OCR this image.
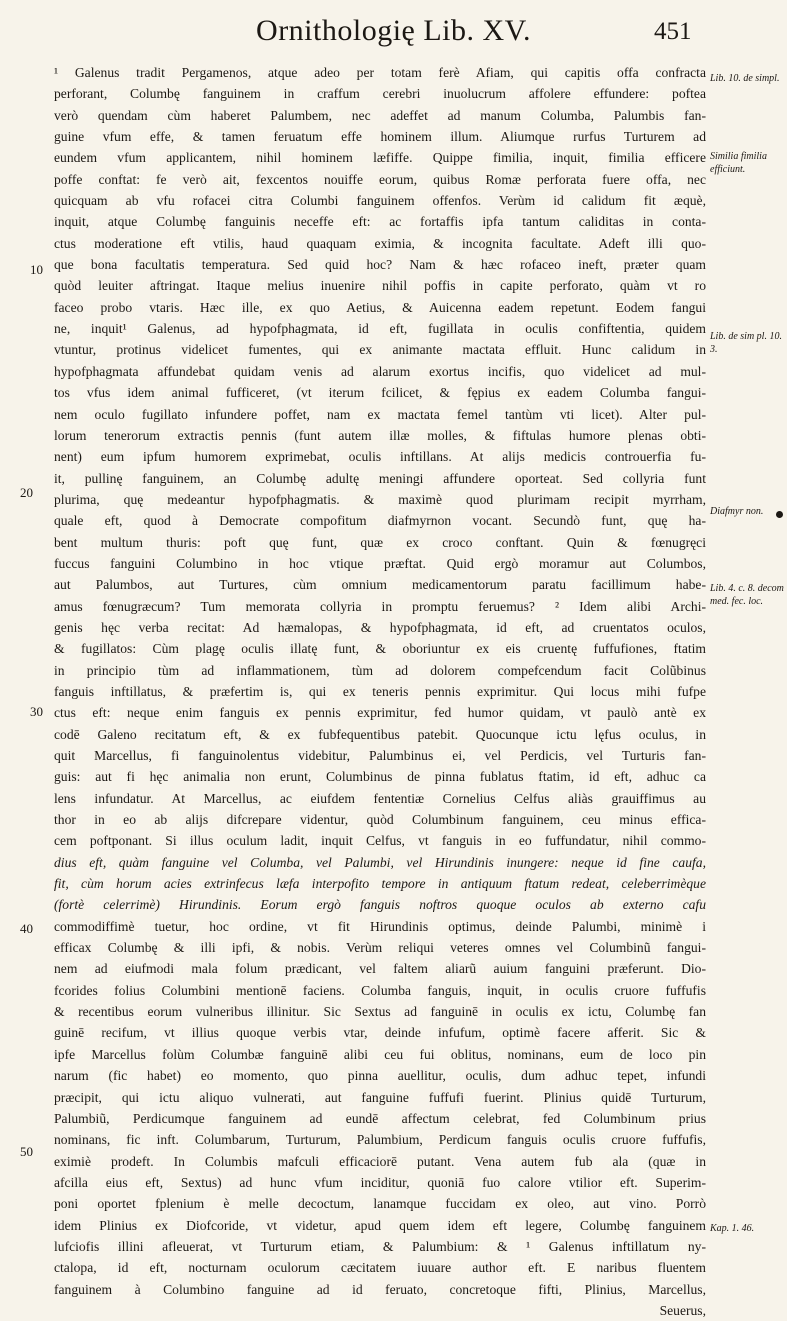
Ornithologię Lib. XV.	451
¹ Galenus tradit Pergamenos, atque adeo per totam ferè Afiam, qui capitis offa confracta
perforant, Columbę fanguinem in craffum cerebri inuolucrum affolere effundere: poftea
verò quendam cùm haberet Palumbem, nec adeffet ad manum Columba, Palumbis fan-
guine vfum effe, & tamen feruatum effe hominem illum. Aliumque rurfus Turturem ad
eundem vfum applicantem, nihil hominem læfiffe. Quippe fimilia, inquit, fimilia efficere
poffe conftat: fe verò ait, fexcentos nouiffe eorum, quibus Romæ perforata fuere offa, nec
quicquam ab vfu rofacei citra Columbi fanguinem offenfos. Verùm id calidum fit æquè,
inquit, atque Columbę fanguinis neceffe eft: ac fortaffis ipfa tantum caliditas in conta-
ctus moderatione eft vtilis, haud quaquam eximia, & incognita facultate. Adeft illi quo-
que bona facultatis temperatura. Sed quid hoc? Nam & hæc rofaceo ineft, præter quam
quòd leuiter aftringat. Itaque melius inuenire nihil poffis in capite perforato, quàm vt ro
faceo probo vtaris. Hæc ille, ex quo Aetius, & Auicenna eadem repetunt. Eodem fangui
ne, inquit¹ Galenus, ad hypofphagmata, id eft, fugillata in oculis confiftentia, quidem
vtuntur, protinus videlicet fumentes, qui ex animante mactata effluit. Hunc calidum in
hypofphagmata affundebat quidam venis ad alarum exortus incifis, quo videlicet ad mul-
tos vfus idem animal fufficeret, (vt iterum fcilicet, & fępius ex eadem Columba fangui-
nem oculo fugillato infundere poffet, nam ex mactata femel tantùm vti licet). Alter pul-
lorum tenerorum extractis pennis (funt autem illæ molles, & fiftulas humore plenas obti-
nent) eum ipfum humorem exprimebat, oculis inftillans. At alijs medicis controuerfia fu-
it, pullinę fanguinem, an Columbę adultę meningi affundere oporteat. Sed collyria funt
plurima, quę medeantur hypofphagmatis. & maximè quod plurimam recipit myrrham,
quale eft, quod à Democrate compofitum diafmyrnon vocant. Secundò funt, quę ha-
bent multum thuris: poft quę funt, quæ ex croco conftant. Quin & fœnugręci
fuccus fanguini Columbino in hoc vtique præftat. Quid ergò moramur aut Columbos,
aut Palumbos, aut Turtures, cùm omnium medicamentorum paratu facillimum habe-
amus fœnugræcum? Tum memorata collyria in promptu feruemus? ² Idem alibi Archi-
genis hęc verba recitat: Ad hæmalopas, & hypofphagmata, id eft, ad cruentatos oculos,
& fugillatos: Cùm plagę oculis illatę funt, & oboriuntur ex eis cruentę fuffufiones, ftatim
in principio tùm ad inflammationem, tùm ad dolorem compefcendum facit Colũbinus
fanguis inftillatus, & præfertim is, qui ex teneris pennis exprimitur. Qui locus mihi fufpe
ctus eft: neque enim fanguis ex pennis exprimitur, fed humor quidam, vt paulò antè ex
codē Galeno recitatum eft, & ex fubfequentibus patebit. Quocunque ictu lęfus oculus, in
quit Marcellus, fi fanguinolentus videbitur, Palumbinus ei, vel Perdicis, vel Turturis fan-
guis: aut fi hęc animalia non erunt, Columbinus de pinna fublatus ftatim, id eft, adhuc ca
lens infundatur. At Marcellus, ac eiufdem fententiæ Cornelius Celfus aliàs grauiffimus au
thor in eo ab alijs difcrepare videntur, quòd Columbinum fanguinem, ceu minus effica-
cem poftponant. Si illus oculum ladit, inquit Celfus, vt fanguis in eo fuffundatur, nihil commo-
dius eft, quàm fanguine vel Columba, vel Palumbi, vel Hirundinis inungere: neque id fine caufa,
fit, cùm horum acies extrinfecus læfa interpofito tempore in antiquum ftatum redeat, celeberrimèque
(fortè celerrimè) Hirundinis. Eorum ergò fanguis noftros quoque oculos ab externo cafu
commodiffimè tuetur, hoc ordine, vt fit Hirundinis optimus, deinde Palumbi, minimè i
efficax Columbę & illi ipfi, & nobis. Verùm reliqui veteres omnes vel Columbinũ fangui-
nem ad eiufmodi mala folum prædicant, vel faltem aliarũ auium fanguini præferunt. Dio-
fcorides folius Columbini mentionē faciens. Columba fanguis, inquit, in oculis cruore fuffufis
& recentibus eorum vulneribus illinitur. Sic Sextus ad fanguinē in oculis ex ictu, Columbę fan
guinē recifum, vt illius quoque verbis vtar, deinde infufum, optimè facere afferit. Sic &
ipfe Marcellus folùm Columbæ fanguinē alibi ceu fui oblitus, nominans, eum de loco pin
narum (fic habet) eo momento, quo pinna auellitur, oculis, dum adhuc tepet, infundi
præcipit, qui ictu aliquo vulnerati, aut fanguine fuffufi fuerint. Plinius quidē Turturum,
Palumbiũ, Perdicumque fanguinem ad eundē affectum celebrat, fed Columbinum prius
nominans, fic inft. Columbarum, Turturum, Palumbium, Perdicum fanguis oculis cruore fuffufis,
eximiè prodeft. In Columbis mafculi efficaciorē putant. Vena autem fub ala (quæ in
afcilla eius eft, Sextus) ad hunc vfum inciditur, quoniā fuo calore vtilior eft. Superim-
poni oportet fplenium è melle decoctum, lanamque fuccidam ex oleo, aut vino. Porrò
idem Plinius ex Diofcoride, vt videtur, apud quem idem eft legere, Columbę fanguinem
lufciofis illini afleuerat, vt Turturum etiam, & Palumbium: & ¹ Galenus inftillatum ny-
ctalopa, id eft, nocturnam oculorum cæcitatem iuuare author eft. E naribus fluentem
fanguinem à Columbino fanguine ad id feruato, concretoque fifti, Plinius, Marcellus,
Seuerus,
10
20
30
40
50
Lib. 10. de simpl.
Similia fimilia efficiunt.
Lib. de sim pl. 10. 3.
Diafmyr non.
Lib. 4. c. 8. decom med. fec. loc.
Kap. 1. 46.
